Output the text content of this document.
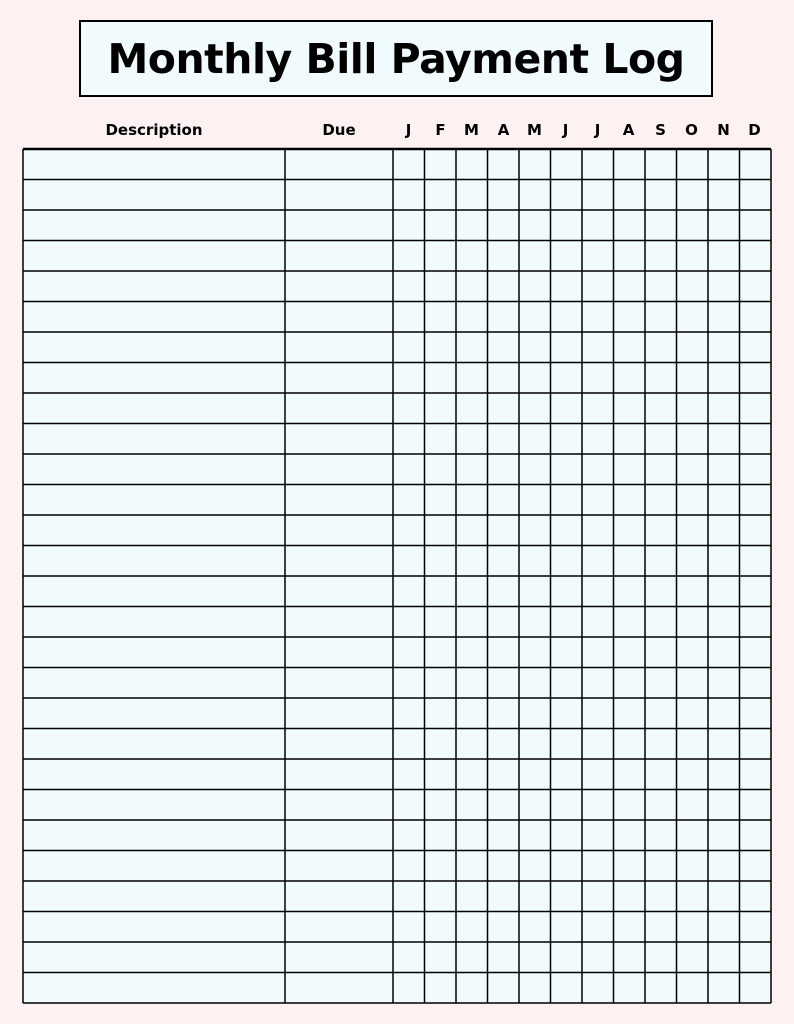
Monthly Bill Payment Log
Description	Due	J	F	M	A	M	J	J	A	S	O	N	D
